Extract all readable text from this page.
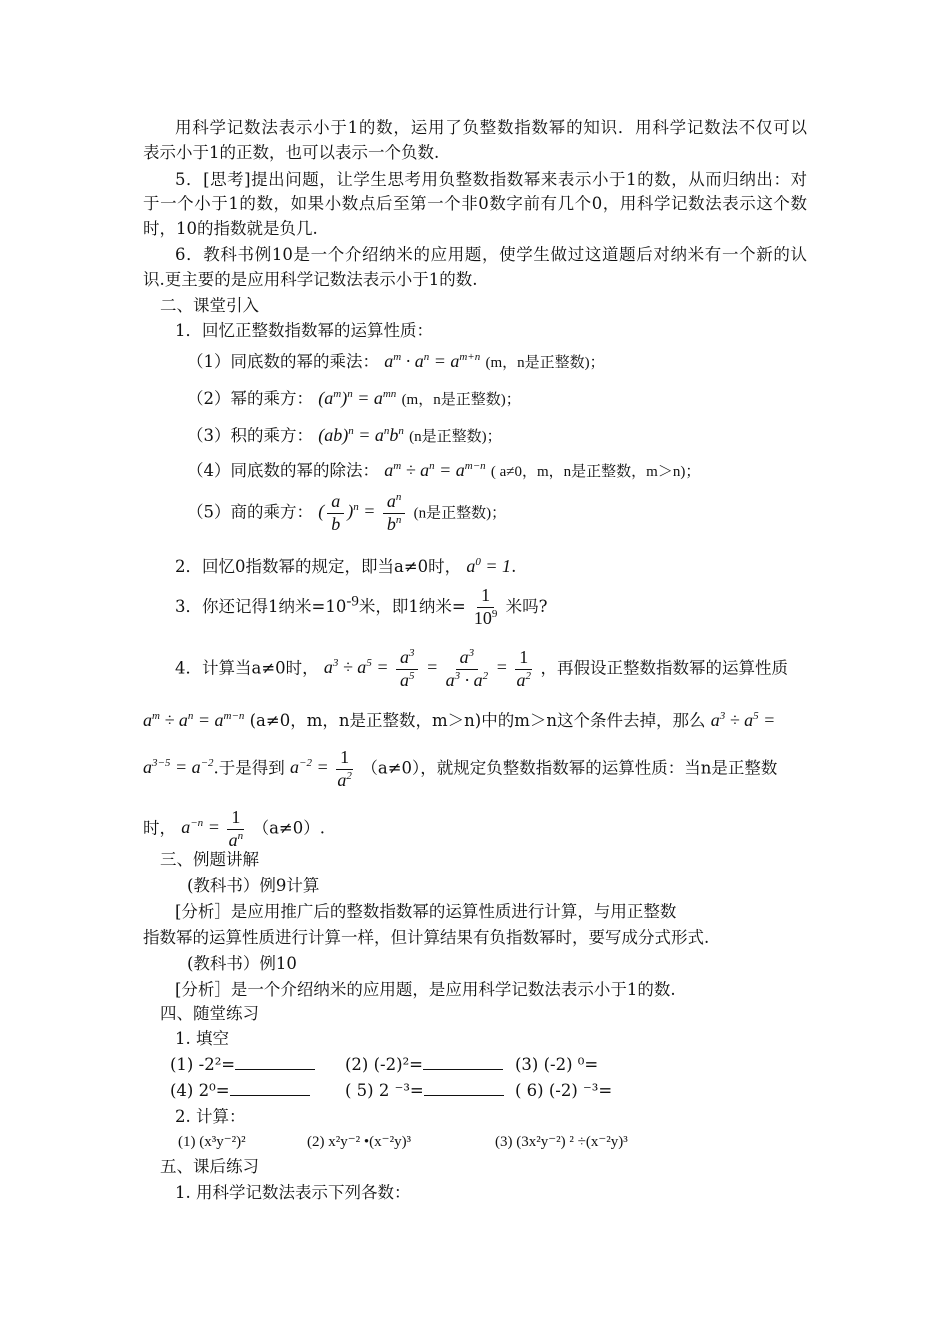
用科学记数法表示小于1的数，运用了负整数指数幂的知识．用科学记数法不仅可以
表示小于1的正数，也可以表示一个负数.
5．[思考]提出问题，让学生思考用负整数指数幂来表示小于1的数，从而归纳出：对
于一个小于1的数，如果小数点后至第一个非0数字前有几个0，用科学记数法表示这个数
时，10的指数就是负几.
6．教科书例10是一个介绍纳米的应用题，使学生做过这道题后对纳米有一个新的认
识.更主要的是应用科学记数法表示小于1的数.
二、课堂引入
1．回忆正整数指数幂的运算性质：
（1）同底数的幂的乘法： $a^m \cdot a^n = a^{m+n}$ (m，n是正整数)；
（2）幂的乘方： $(a^m)^n = a^{mn}$ (m，n是正整数)；
（3）积的乘方： $(ab)^n = a^nb^n$ (n是正整数)；
（4）同底数的幂的除法： $a^m \div a^n = a^{m-n}$ ( a≠0，m，n是正整数，m＞n)；
（5）商的乘方： ( $\frac{a}{b} )^n = \frac{a^n}{b^n} (n$是正整数)；
2．回忆0指数幂的规定，即当a≠0时， $a^0 = 1$.
3．你还记得1纳米$=10^{-9}$米，即1纳米= $\frac{1}{10^9}$ 米吗?
4．计算当a≠0时， $a^3 \div a^5 = \frac{a^3}{a^5} = \frac{a^3}{a^3 \cdot a^2} = \frac{1}{a^2}$ ，再假设正整数指数幂的运算性质
$a^m \div a^n = a^{m-n}$ (a≠0，m，n是正整数，m＞n)中的m＞n这个条件去掉，那么 $a^3 \div a^5$ =
$a^{3-5} = a^{-2}$.于是得到 $a^{-2} = \frac{1}{a^2} (a\ne 0)$，就规定负整数指数幂的运算性质：当n是正整数
时， $a^{-n} = \frac{1}{a^n} (a\ne 0)$.
三、例题讲解
(教科书）例9计算
[分析］是应用推广后的整数指数幂的运算性质进行计算，与用正整数
指数幂的运算性质进行计算一样，但计算结果有负指数幂时，要写成分式形式.
(教科书）例10
[分析］是一个介绍纳米的应用题，是应用科学记数法表示小于1的数.
四、随堂练习
1. 填空
(1) -2²=	(2) (-2)²=	(3) (-2) ⁰=
(4) 2⁰=	( 5) 2 ⁻³=	( 6) (-2) ⁻³=
2. 计算：
(1) (x³y⁻²)²	(2) x²y⁻² •(x⁻²y)³	(3) (3x²y⁻²) ² ÷(x⁻²y)³
五、课后练习
1. 用科学记数法表示下列各数：
